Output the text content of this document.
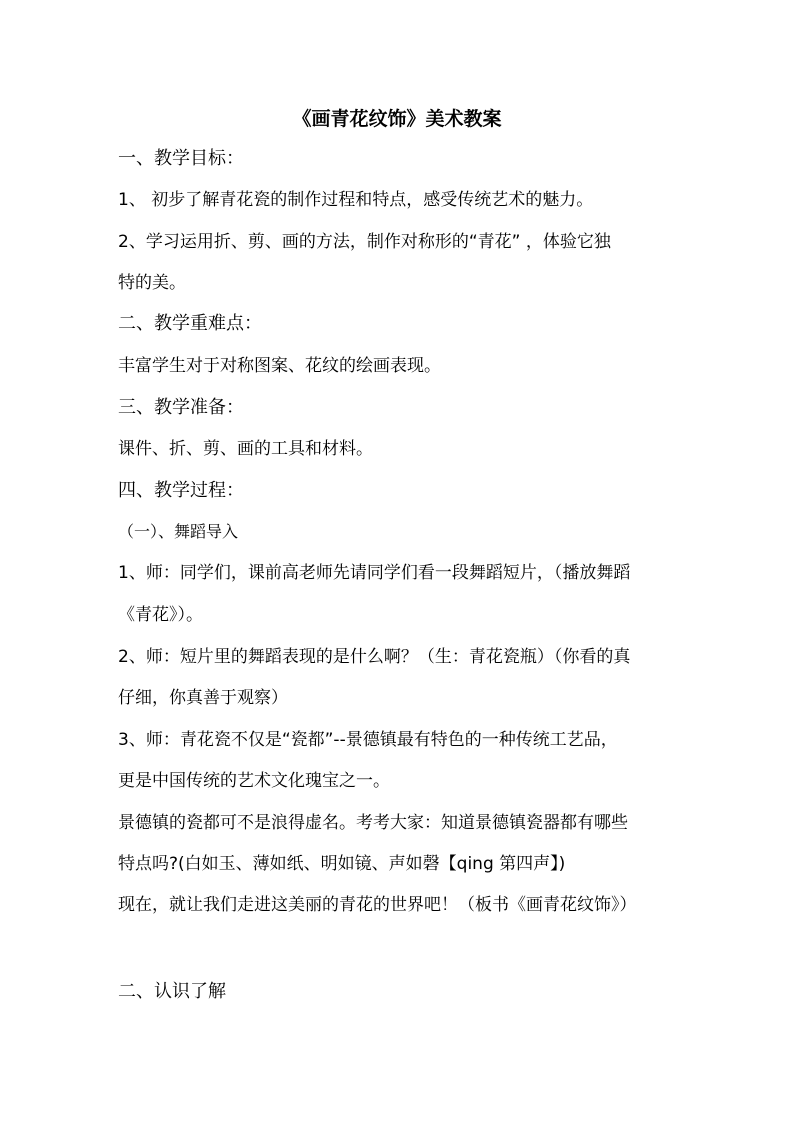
《画青花纹饰》美术教案
一、教学目标：
1、 初步了解青花瓷的制作过程和特点，感受传统艺术的魅力。
2、学习运用折、剪、画的方法，制作对称形的“青花” ，体验它独
特的美。
二、教学重难点：
丰富学生对于对称图案、花纹的绘画表现。
三、教学准备：
课件、折、剪、画的工具和材料。
四、教学过程：
（一）、舞蹈导入
1、师：同学们，课前高老师先请同学们看一段舞蹈短片，（播放舞蹈
《青花》）。
2、师：短片里的舞蹈表现的是什么啊？（生：青花瓷瓶）（你看的真
仔细，你真善于观察）
3、师：青花瓷不仅是“瓷都”--景德镇最有特色的一种传统工艺品，
更是中国传统的艺术文化瑰宝之一。
景德镇的瓷都可不是浪得虚名。考考大家：知道景德镇瓷器都有哪些
特点吗?(白如玉、薄如纸、明如镜、声如磬【qing 第四声】)
现在，就让我们走进这美丽的青花的世界吧！（板书《画青花纹饰》）
二、认识了解
